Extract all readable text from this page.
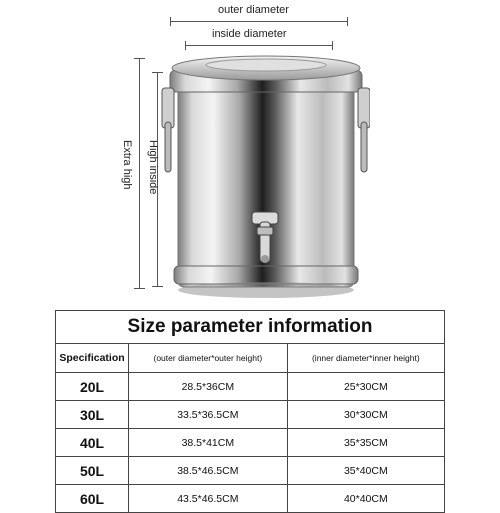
outer diameter
inside diameter
Extra high High inside
Size parameter information		
Specification	(outer diameter*outer height)	(inner diameter*inner height)
20L	28.5*36CM	25*30CM
30L	33.5*36.5CM	30*30CM
40L	38.5*41CM	35*35CM
50L	38.5*46.5CM	35*40CM
60L	43.5*46.5CM	40*40CM
